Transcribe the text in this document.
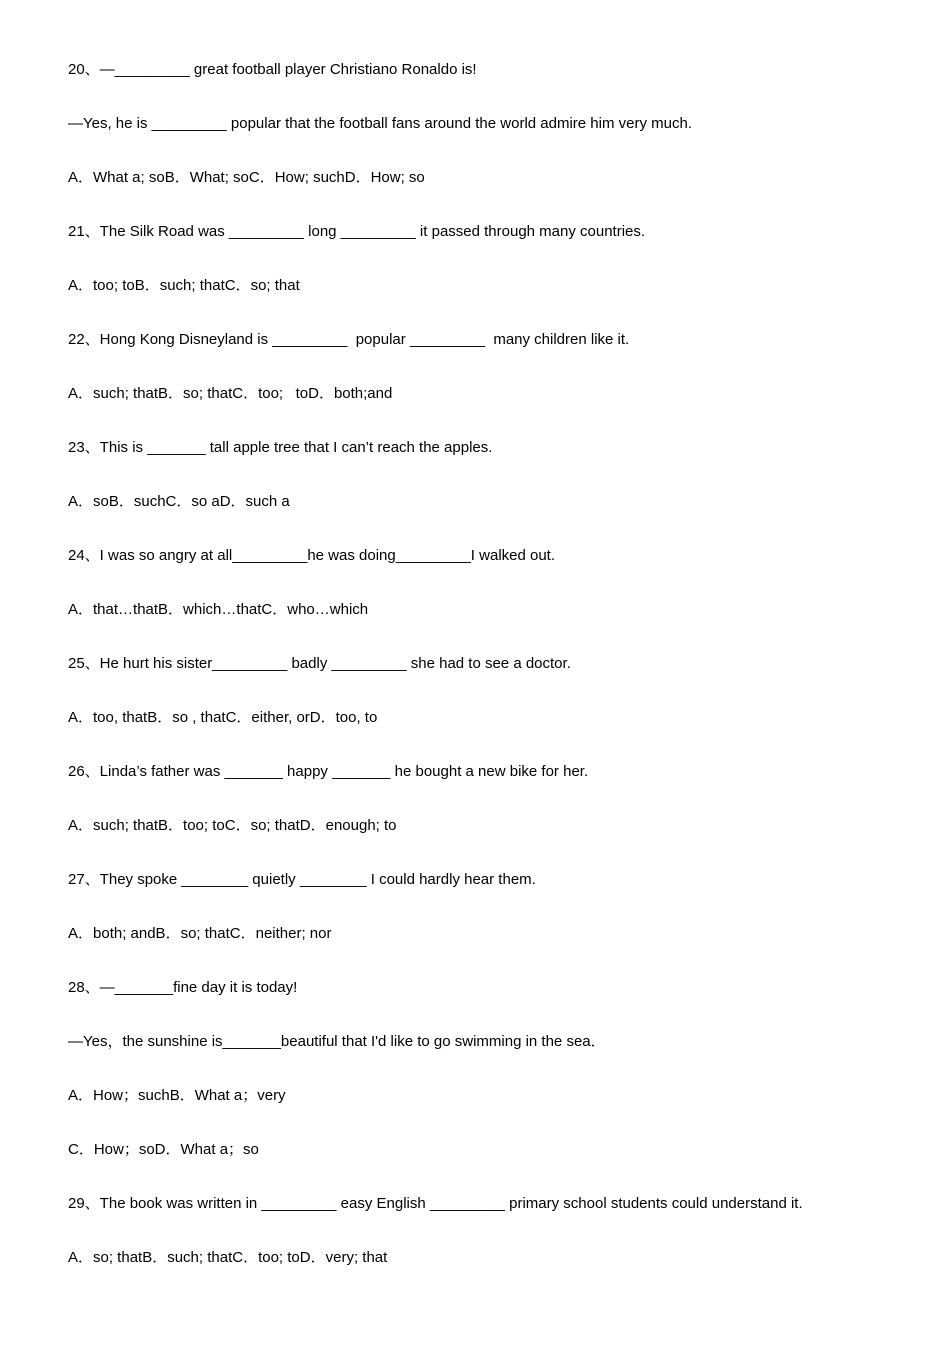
20、—_________ great football player Christiano Ronaldo is!
—Yes, he is _________ popular that the football fans around the world admire him very much.
A．What a; soB．What; soC．How; suchD．How; so
21、The Silk Road was _________ long _________ it passed through many countries.
A．too; toB．such; thatC．so; that
22、Hong Kong Disneyland is _________  popular _________  many children like it.
A．such; thatB．so; thatC．too;   toD．both;and
23、This is _______ tall apple tree that I can’t reach the apples.
A．soB．suchC．so aD．such a
24、I was so angry at all_________he was doing_________I walked out.
A．that…thatB．which…thatC．who…which
25、He hurt his sister_________ badly _________ she had to see a doctor.
A．too, thatB．so , thatC．either, orD．too, to
26、Linda’s father was _______ happy _______ he bought a new bike for her.
A．such; thatB．too; toC．so; thatD．enough; to
27、They spoke ________ quietly ________ I could hardly hear them.
A．both; andB．so; thatC．neither; nor
28、—_______fine day it is today!
—Yes，the sunshine is_______beautiful that I'd like to go swimming in the sea．
A．How；suchB．What a；very
C．How；soD．What a；so
29、The book was written in _________ easy English _________ primary school students could understand it.
A．so; thatB．such; thatC．too; toD．very; that
